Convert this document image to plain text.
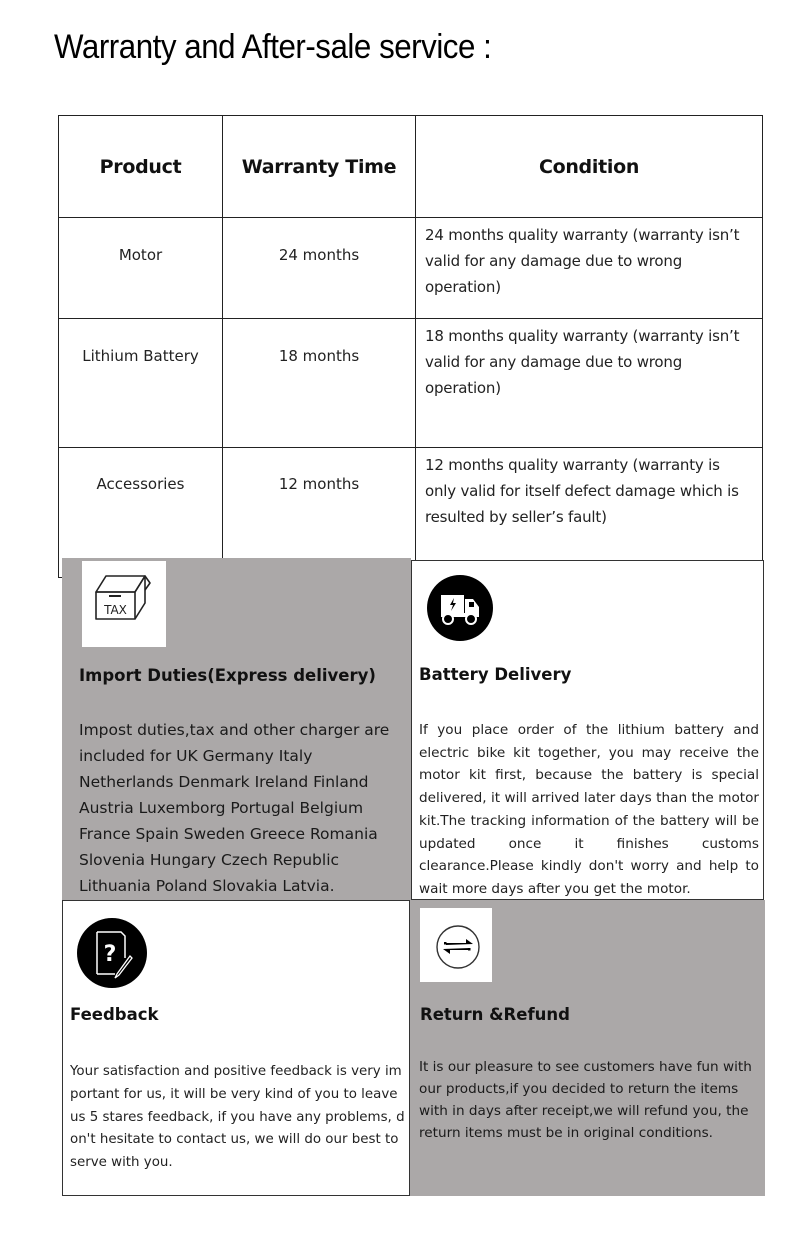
Warranty and After-sale service :
Product	Warranty Time	Condition
Motor	24 months	24 months quality warranty (warranty isn’t valid for any damage due to wrong operation)
Lithium Battery	18 months	18 months quality warranty (warranty isn’t valid for any damage due to wrong operation)
Accessories	12 months	12 months quality warranty (warranty is only valid for itself defect damage which is resulted by seller’s fault)
TAX
Import Duties(Express delivery)

Impost duties,tax and other charger are included for UK Germany Italy Netherlands Denmark Ireland Finland Austria Luxemborg Portugal Belgium France Spain Sweden Greece Romania Slovenia Hungary Czech Republic Lithuania Poland Slovakia Latvia.

Battery Delivery

If you place order of the lithium battery and electric bike kit together, you may receive the motor kit first, because the battery is special delivered, it will arrived later days than the motor kit.The tracking information of the battery will be updated once it finishes customs clearance.Please kindly don't worry and help to wait more days after you get the motor.

?
Feedback

Your satisfaction and positive feedback is very important for us, it will be very kind of you to leave us 5 stares feedback, if you have any problems, don't hesitate to contact us, we will do our best to serve with you.

Return &Refund

It is our pleasure to see customers have fun with our products,if you decided to return the items with in days after receipt,we will refund you, the return items must be in original conditions.
